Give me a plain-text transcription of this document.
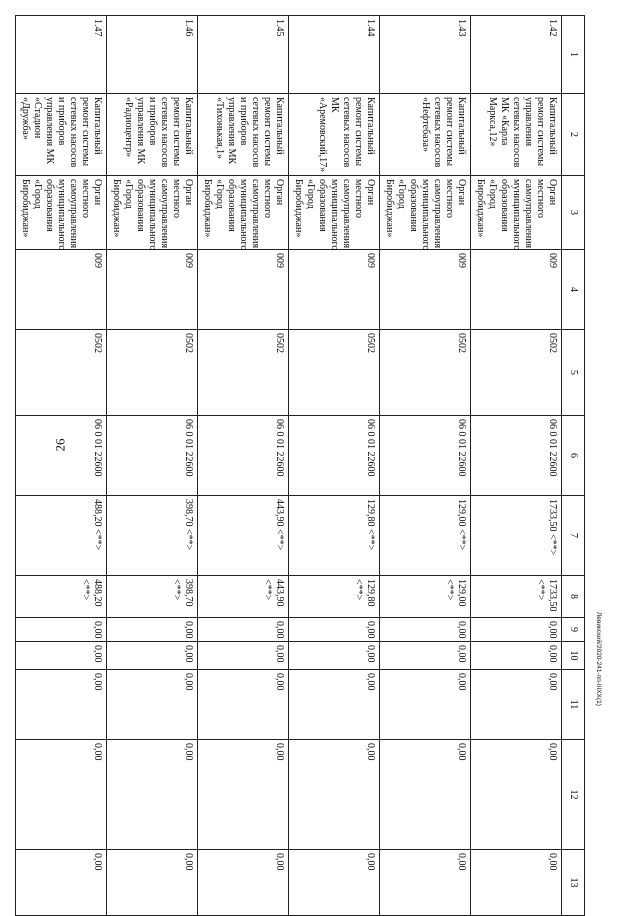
26
1	2	3	4	5	6	7	8	9	10	11	12	13
1.42	Капитальный ремонт системы управления сетевых насосов МК «Карла Маркса,12»	Орган местного самоуправления муниципального образования «Город Биробиджан»	009	0502	06 0 01 22600	1733,50 <**>	1733,50 <**>	0,00	0,00	0,00	0,00	0,00
1.43	Капитальный ремонт системы сетевых насосов «Нефтебаза»	Орган местного самоуправления муниципального образования «Город Биробиджан»	009	0502	06 0 01 22600	129,00 <**>	129,00 <**>	0,00	0,00	0,00	0,00	0,00
1.44	Капитальный ремонт системы сетевых насосов МК «Аремовский,17»	Орган местного самоуправления муниципального образования «Город Биробиджан»	009	0502	06 0 01 22600	129,80 <**>	129,80 <**>	0,00	0,00	0,00	0,00	0,00
1.45	Капитальный ремонт системы сетевых насосов и приборов управления МК «Тихонькая,1»	Орган местного самоуправления муниципального образования «Город Биробиджан»	009	0502	06 0 01 22600	443,90 <**>	443,90 <**>	0,00	0,00	0,00	0,00	0,00
1.46	Капитальный ремонт системы сетевых насосов и приборов управления МК «Радиоцентр»	Орган местного самоуправления муниципального образования «Город Биробиджан»	009	0502	06 0 01 22600	398,70 <**>	398,70 <**>	0,00	0,00	0,00	0,00	0,00
1.47	Капитальный ремонт системы сетевых насосов и приборов управления МК «Стадион «Дружба»	Орган местного самоуправления муниципального образования «Город Биробиджан»	009	0502	06 0 01 22600	488,20 <**>	488,20 <**>	0,00	0,00	0,00	0,00	0,00
Левикский/2020-241-пп-IIIXX(1)
